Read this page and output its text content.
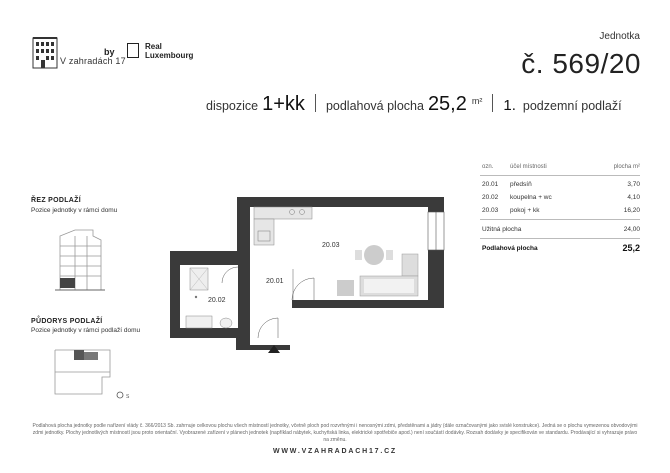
V zahradách 17
by
Real
Luxembourg
Jednotka
č. 569/20
dispozice 1+kk podlahová plocha 25,2 m² 1. podzemní podlaží
ŘEZ PODLAŽÍ
Pozice jednotky v rámci domu
PŮDORYS PODLAŽÍ
Pozice jednotky v rámci podlaží domu
S
20.03
20.01
20.02
ozn.	účel místnosti	plocha m²
20.01	předsíň	3,70
20.02	koupelna + wc	4,10
20.03	pokoj + kk	16,20
Užitná plocha	24,00
Podlahová plocha	25,2
Podlahová plocha jednotky podle nařízení vlády č. 366/2013 Sb. zahrnuje celkovou plochu všech místností jednotky, včetně ploch pod rozvrhnými i nenosnými zdmi, předstěnami a jádry (dále označovanými jako svislé konstrukce). Jedná se o plochu vymezenou obvodovými zdmi jednotky. Plochy jednotlivých místností jsou proto orientační. Vyobrazené zařízení v plánech jednotek (například nábytek, kuchyňská linka, elektrické spotřebiče apod.) není součástí dodávky. Rozsah dodávky je specifikován ve standardu. Prodávající si vyhrazuje právo na změnu.
WWW.VZAHRADACH17.CZ
